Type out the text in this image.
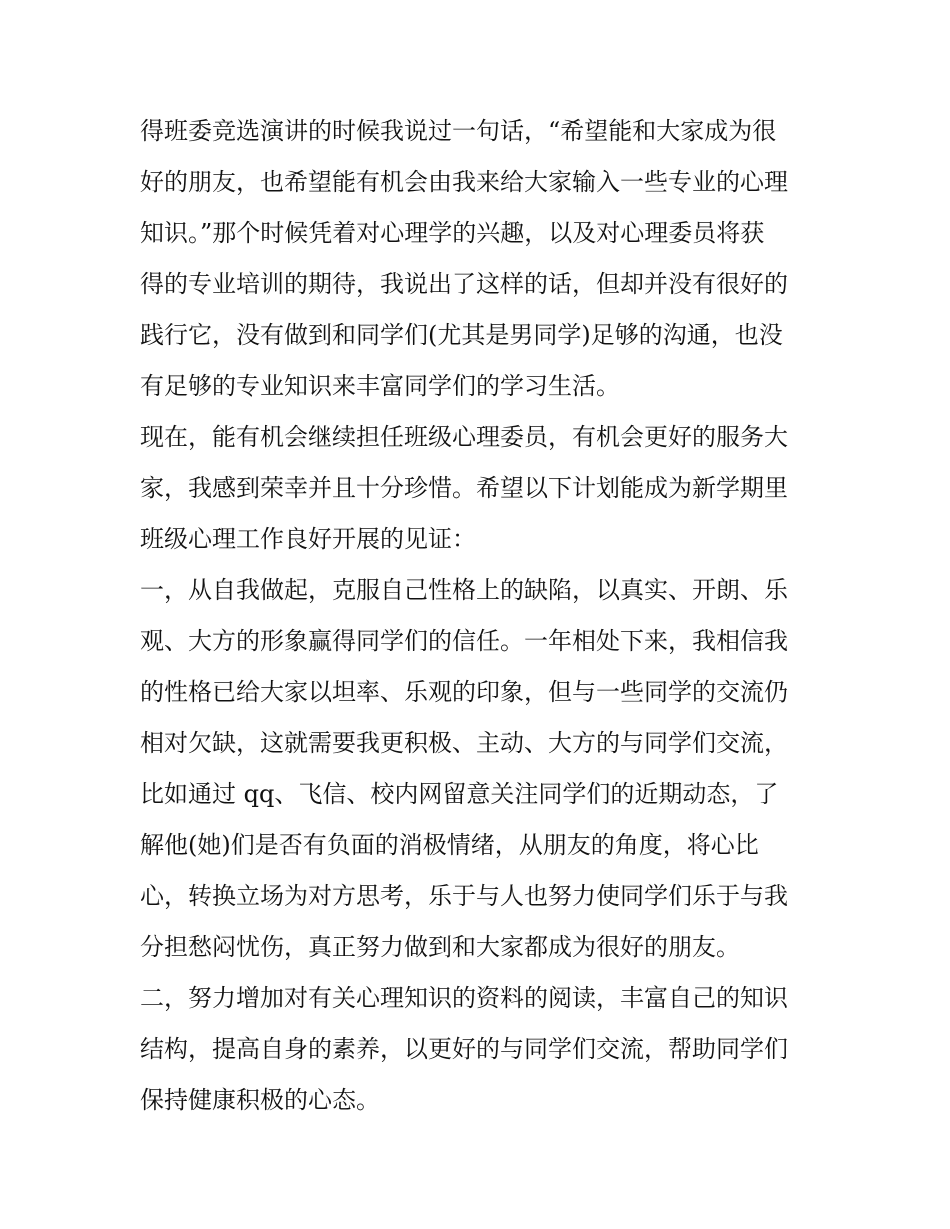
得班委竞选演讲的时候我说过一句话，“希望能和大家成为很
好的朋友，也希望能有机会由我来给大家输入一些专业的心理
知识。”那个时候凭着对心理学的兴趣，以及对心理委员将获
得的专业培训的期待，我说出了这样的话，但却并没有很好的
践行它，没有做到和同学们(尤其是男同学)足够的沟通，也没
有足够的专业知识来丰富同学们的学习生活。

现在，能有机会继续担任班级心理委员，有机会更好的服务大
家，我感到荣幸并且十分珍惜。希望以下计划能成为新学期里
班级心理工作良好开展的见证：

一，从自我做起，克服自己性格上的缺陷，以真实、开朗、乐
观、大方的形象赢得同学们的信任。一年相处下来，我相信我
的性格已给大家以坦率、乐观的印象，但与一些同学的交流仍
相对欠缺，这就需要我更积极、主动、大方的与同学们交流，
比如通过 qq、飞信、校内网留意关注同学们的近期动态，了
解他(她)们是否有负面的消极情绪，从朋友的角度，将心比
心，转换立场为对方思考，乐于与人也努力使同学们乐于与我
分担愁闷忧伤，真正努力做到和大家都成为很好的朋友。

二，努力增加对有关心理知识的资料的阅读，丰富自己的知识
结构，提高自身的素养，以更好的与同学们交流，帮助同学们
保持健康积极的心态。
